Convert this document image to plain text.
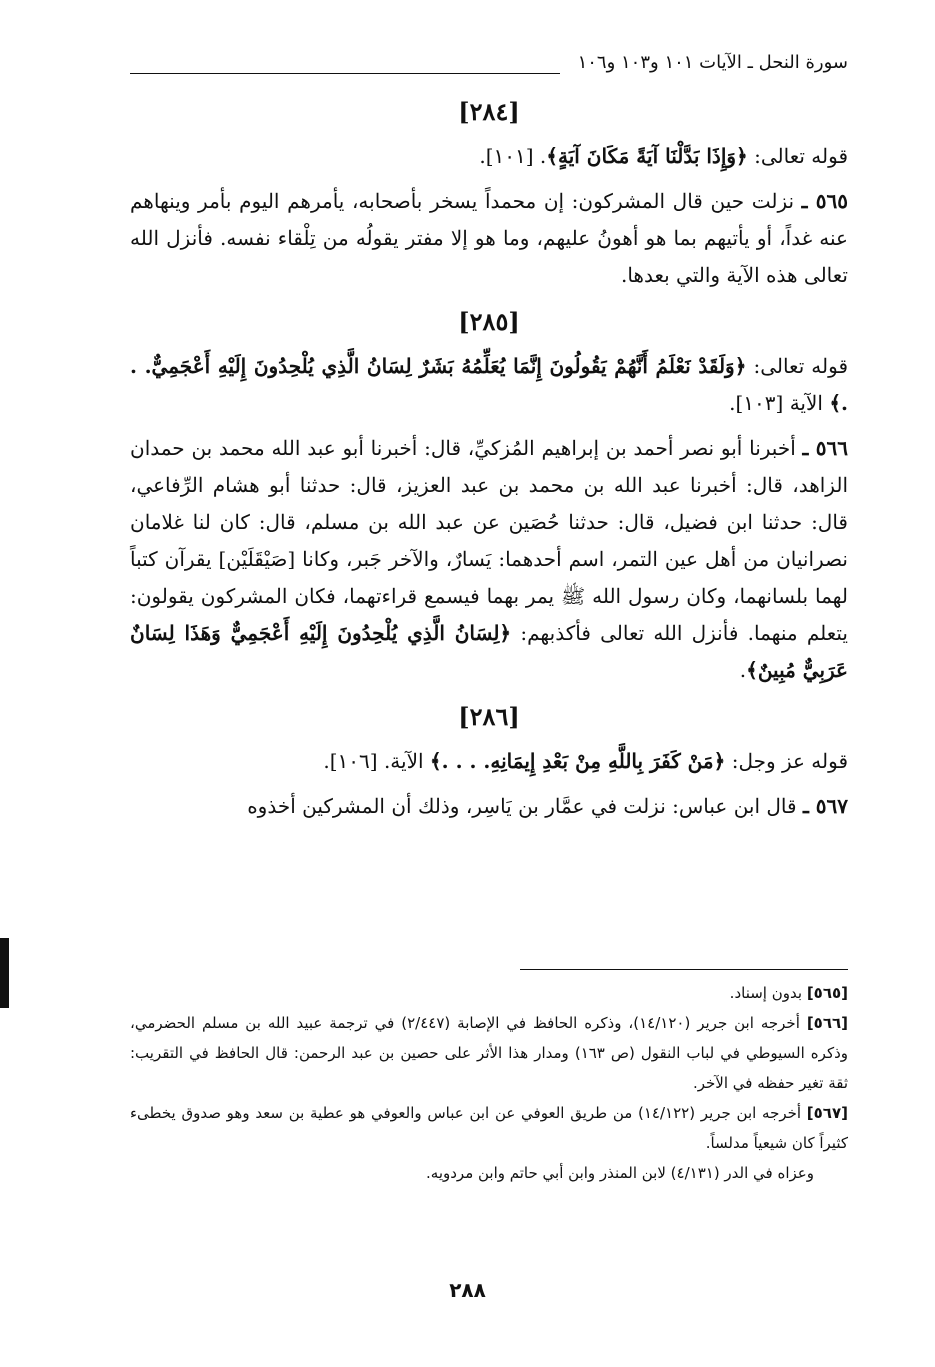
سورة النحل ـ الآيات ١٠١ و١٠٣ و١٠٦
[٢٨٤]

قوله تعالى: ﴿وَإِذَا بَدَّلْنَا آيَةً مَكَانَ آيَةٍ﴾. [١٠١].

٥٦٥ ـ نزلت حين قال المشركون: إن محمداً يسخر بأصحابه، يأمرهم اليوم بأمر وينهاهم عنه غداً، أو يأتيهم بما هو أهونُ عليهم، وما هو إلا مفتر يقولُه من تِلْقاء نفسه. فأنزل الله تعالى هذه الآية والتي بعدها.

[٢٨٥]

قوله تعالى: ﴿وَلَقَدْ نَعْلَمُ أَنَّهُمْ يَقُولُونَ إِنَّمَا يُعَلِّمُهُ بَشَرٌ لِسَانُ الَّذِي يُلْحِدُونَ إِلَيْهِ أَعْجَمِيٌّ. . .﴾ الآية [١٠٣].

٥٦٦ ـ أخبرنا أبو نصر أحمد بن إبراهيم المُزكيِّ، قال: أخبرنا أبو عبد الله محمد بن حمدان الزاهد، قال: أخبرنا عبد الله بن محمد بن عبد العزيز، قال: حدثنا أبو هشام الرِّفاعي، قال: حدثنا ابن فضيل، قال: حدثنا حُصَين عن عبد الله بن مسلم، قال: كان لنا غلامان نصرانيان من أهل عين التمر، اسم أحدهما: يَسارٌ، والآخر جَبر، وكانا [صَيْقَلَيْن] يقرآن كتباً لهما بلسانهما، وكان رسول الله ﷺ يمر بهما فيسمع قراءتهما، فكان المشركون يقولون: يتعلم منهما. فأنزل الله تعالى فأكذبهم: ﴿لِسَانُ الَّذِي يُلْحِدُونَ إِلَيْهِ أَعْجَمِيٌّ وَهَذَا لِسَانٌ عَرَبِيٌّ مُبِينٌ﴾.

[٢٨٦]

قوله عز وجل: ﴿مَنْ كَفَرَ بِاللَّهِ مِنْ بَعْدِ إِيمَانِهِ. . . .﴾ الآية. [١٠٦].

٥٦٧ ـ قال ابن عباس: نزلت في عمَّار بن يَاسِر، وذلك أن المشركين أخذوه

[٥٦٥] بدون إسناد.

[٥٦٦] أخرجه ابن جرير (١٤/١٢٠)، وذكره الحافظ في الإصابة (٢/٤٤٧) في ترجمة عبيد الله بن مسلم الحضرمي، وذكره السيوطي في لباب النقول (ص ١٦٣) ومدار هذا الأثر على حصين بن عبد الرحمن: قال الحافظ في التقريب: ثقة تغير حفظه في الآخر.

[٥٦٧] أخرجه ابن جرير (١٤/١٢٢) من طريق العوفي عن ابن عباس والعوفي هو عطية بن سعد وهو صدوق يخطىء كثيراً كان شيعياً مدلساً.

وعزاه في الدر (٤/١٣١) لابن المنذر وابن أبي حاتم وابن مردويه.

٢٨٨
